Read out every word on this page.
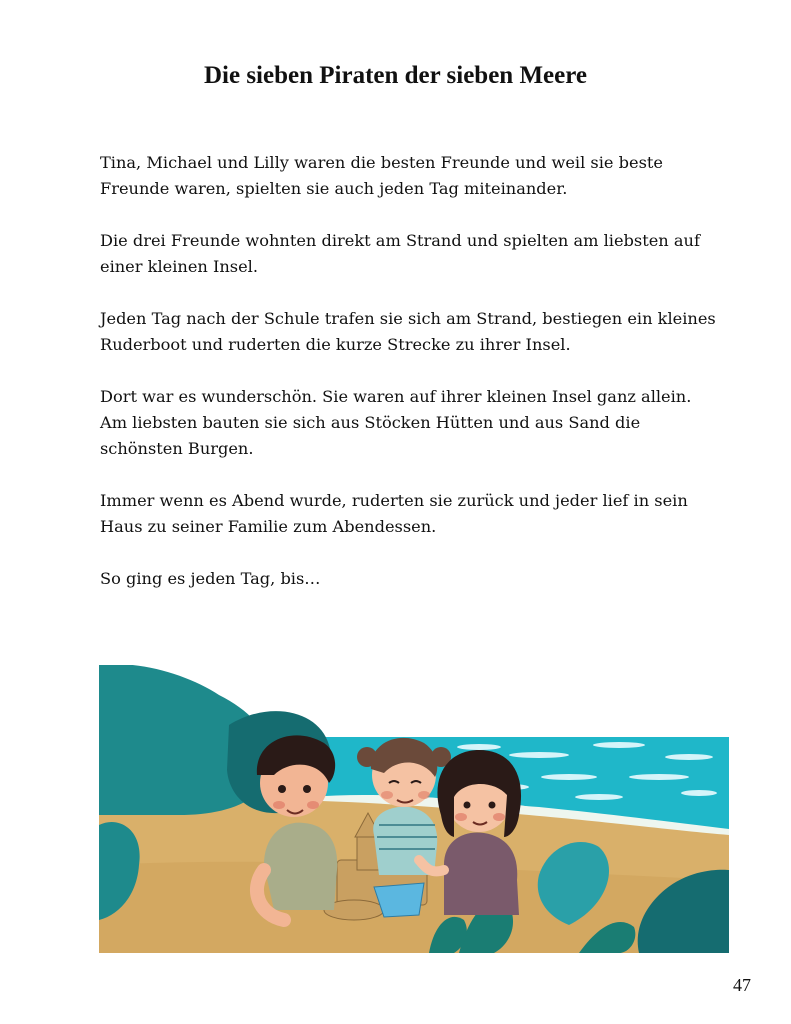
Die sieben Piraten der sieben Meere

Tina, Michael und Lilly waren die besten Freunde und weil sie beste
Freunde waren, spielten sie auch jeden Tag miteinander.

Die drei Freunde wohnten direkt am Strand und spielten am liebsten auf
einer kleinen Insel.

Jeden Tag nach der Schule trafen sie sich am Strand, bestiegen ein kleines
Ruderboot und ruderten die kurze Strecke zu ihrer Insel.

Dort war es wunderschön. Sie waren auf ihrer kleinen Insel ganz allein.
Am liebsten bauten sie sich aus Stöcken Hütten und aus Sand die
schönsten Burgen.

Immer wenn es Abend wurde, ruderten sie zurück und jeder lief in sein
Haus zu seiner Familie zum Abendessen.

So ging es jeden Tag, bis…

47
